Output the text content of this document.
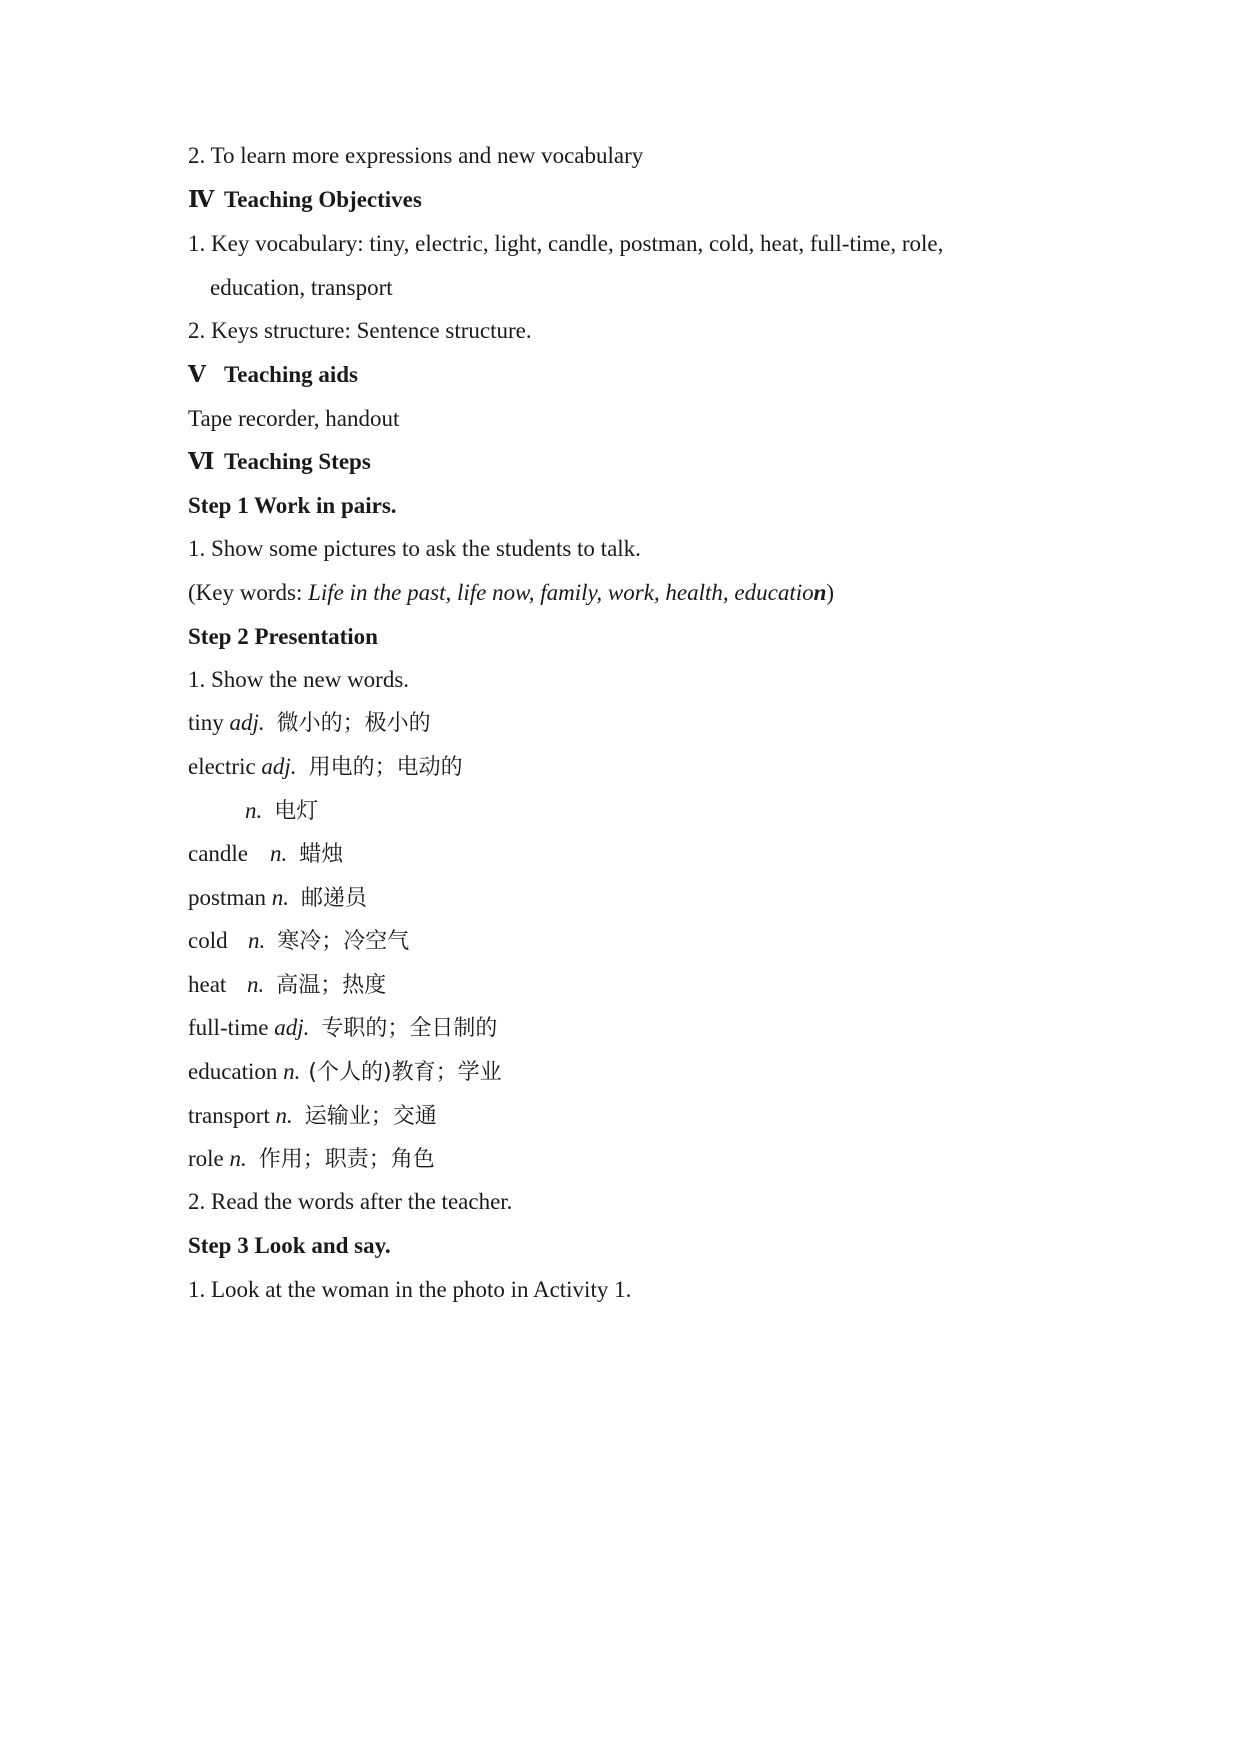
2. To learn more expressions and new vocabulary
Ⅳ Teaching Objectives
1. Key vocabulary: tiny, electric, light, candle, postman, cold, heat, full-time, role,
education, transport
2. Keys structure: Sentence structure.
Ⅴ Teaching aids
Tape recorder, handout
Ⅵ Teaching Steps
Step 1 Work in pairs.
1. Show some pictures to ask the students to talk.
(Key words: Life in the past, life now, family, work, health, education)
Step 2 Presentation
1. Show the new words.
tiny adj. 微小的；极小的
electric adj. 用电的；电动的
n. 电灯
candle n. 蜡烛
postman n. 邮递员
cold n. 寒冷；冷空气
heat n. 高温；热度
full-time adj. 专职的；全日制的
education n. (个人的)教育；学业
transport n. 运输业；交通
role n. 作用；职责；角色
2. Read the words after the teacher.
Step 3 Look and say.
1. Look at the woman in the photo in Activity 1.
